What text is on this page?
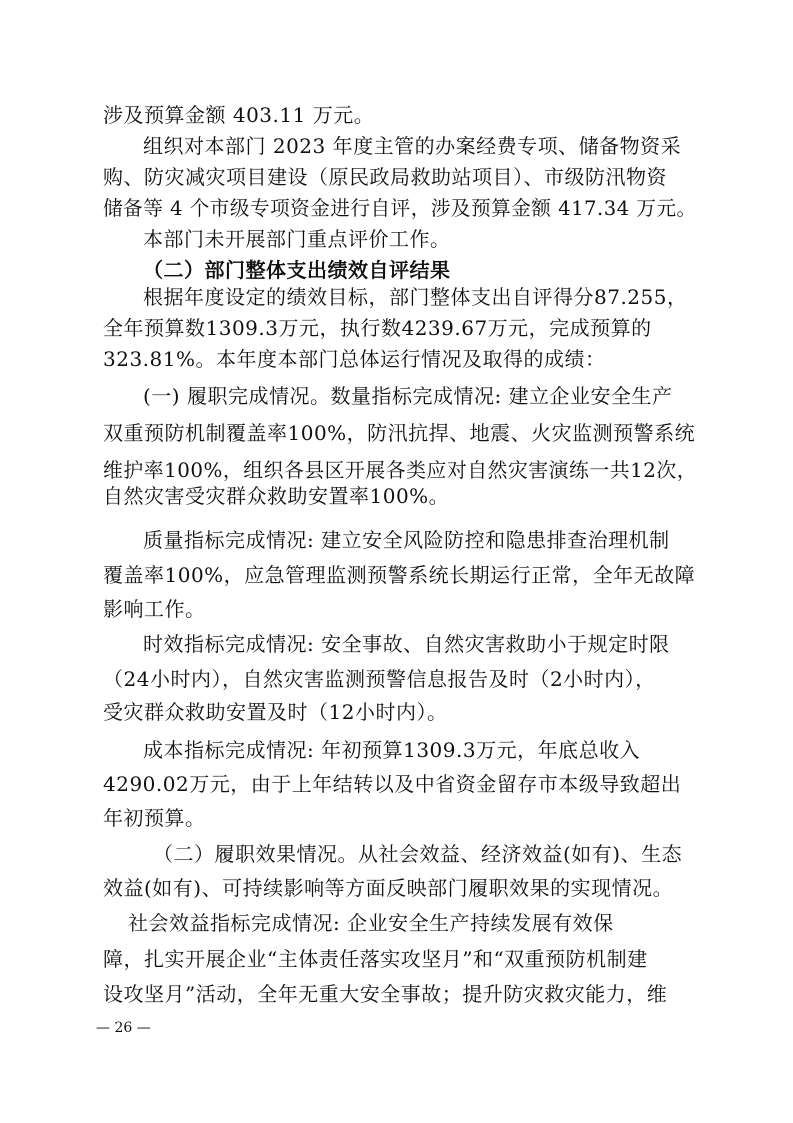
涉及预算金额 403.11 万元。
组织对本部门 2023 年度主管的办案经费专项、储备物资采
购、防灾减灾项目建设（原民政局救助站项目）、市级防汛物资
储备等 4 个市级专项资金进行自评，涉及预算金额 417.34 万元。
本部门未开展部门重点评价工作。
（二）部门整体支出绩效自评结果
根据年度设定的绩效目标，部门整体支出自评得分87.255，
全年预算数1309.3万元，执行数4239.67万元，完成预算的
323.81%。本年度本部门总体运行情况及取得的成绩：
(一) 履职完成情况。数量指标完成情况: 建立企业安全生产
双重预防机制覆盖率100%，防汛抗捍、地震、火灾监测预警系统
维护率100%，组织各县区开展各类应对自然灾害演练一共12次，
自然灾害受灾群众救助安置率100%。
质量指标完成情况: 建立安全风险防控和隐患排查治理机制
覆盖率100%，应急管理监测预警系统长期运行正常，全年无故障
影响工作。
时效指标完成情况: 安全事故、自然灾害救助小于规定时限
（24小时内），自然灾害监测预警信息报告及时（2小时内），
受灾群众救助安置及时（12小时内）。
成本指标完成情况: 年初预算1309.3万元，年底总收入
4290.02万元，由于上年结转以及中省资金留存市本级导致超出
年初预算。
（二）履职效果情况。从社会效益、经济效益(如有)、生态
效益(如有)、可持续影响等方面反映部门履职效果的实现情况。
社会效益指标完成情况: 企业安全生产持续发展有效保
障，扎实开展企业“主体责任落实攻坚月”和“双重预防机制建
设攻坚月”活动，全年无重大安全事故；提升防灾救灾能力，维
— 26 —
